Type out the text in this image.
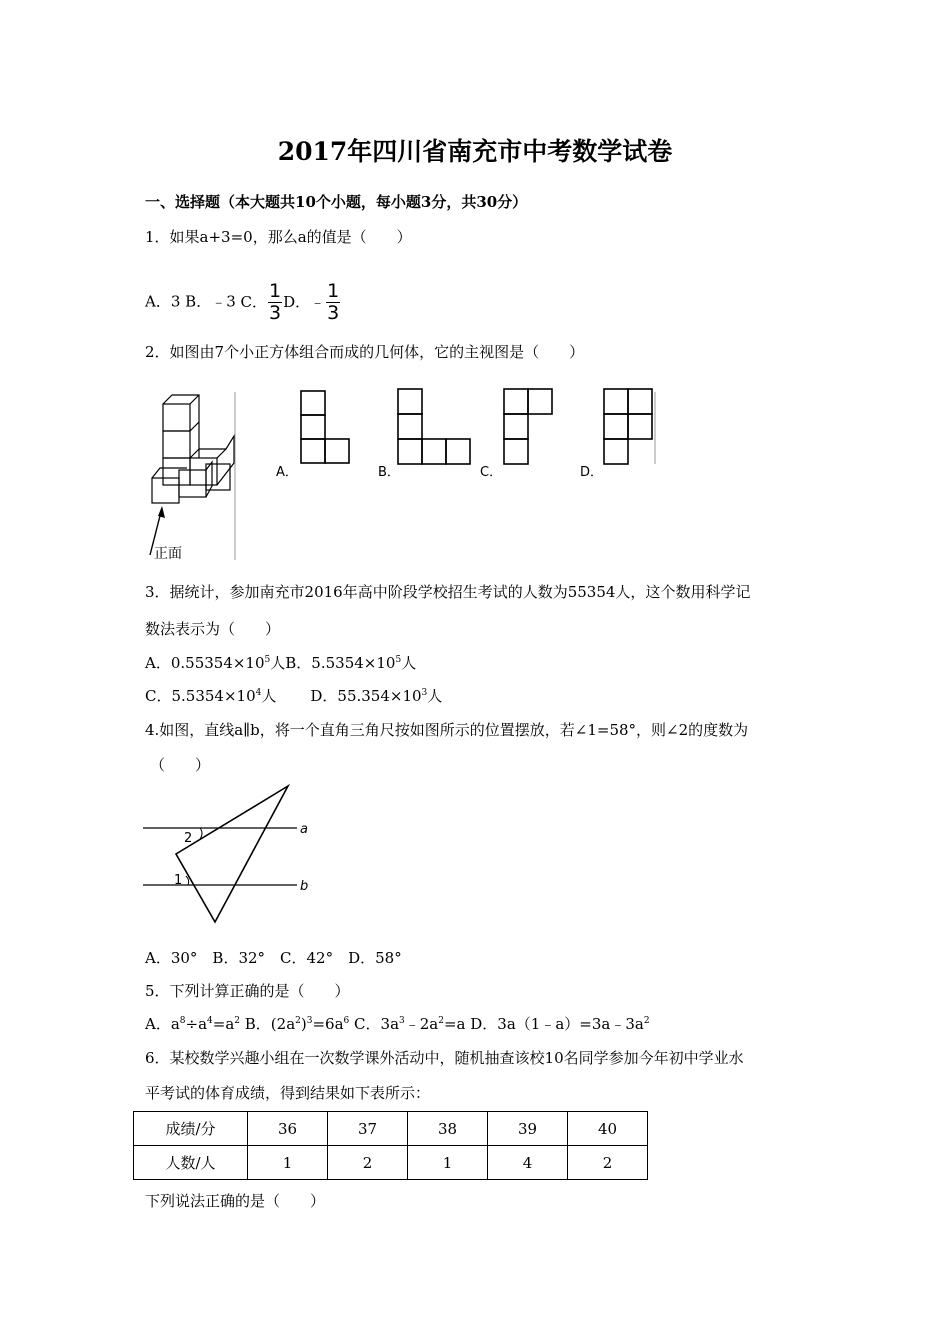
2017年四川省南充市中考数学试卷
一、选择题（本大题共10个小题，每小题3分，共30分）
1．如果a+3=0，那么a的值是（　　）
A．3 B．﹣3 C． $\frac{1}{3}$ D．﹣ $\frac{1}{3}$
2．如图由7个小正方体组合而成的几何体，它的主视图是（　　）
正面
A．	B．	C．	D．
3．据统计，参加南充市2016年高中阶段学校招生考试的人数为55354人，这个数用科学记
数法表示为（　　）
A．$0.55354\times 10^5$人B．$5.5354\times 10^5$人
C．$5.5354\times 10^4$人 D．$55.354\times 10^3$人
4.如图，直线a∥b，将一个直角三角尺按如图所示的位置摆放，若∠1=58°，则∠2的度数为
（　　）
a
b
2
1
A．30°　B．32°　C．42°　D．58°
5．下列计算正确的是（　　）
A．$a^8\div a^4=a^2$ B．$(2a^2)^3=6a^6$ C．$3a^3﹣2a^2=a$ D．$3a(1﹣a)=3a﹣3a^2$
6．某校数学兴趣小组在一次数学课外活动中，随机抽查该校10名同学参加今年初中学业水
平考试的体育成绩，得到结果如下表所示：
成绩/分	36	37	38	39	40
人数/人	1	2	1	4	2
下列说法正确的是（　　）
